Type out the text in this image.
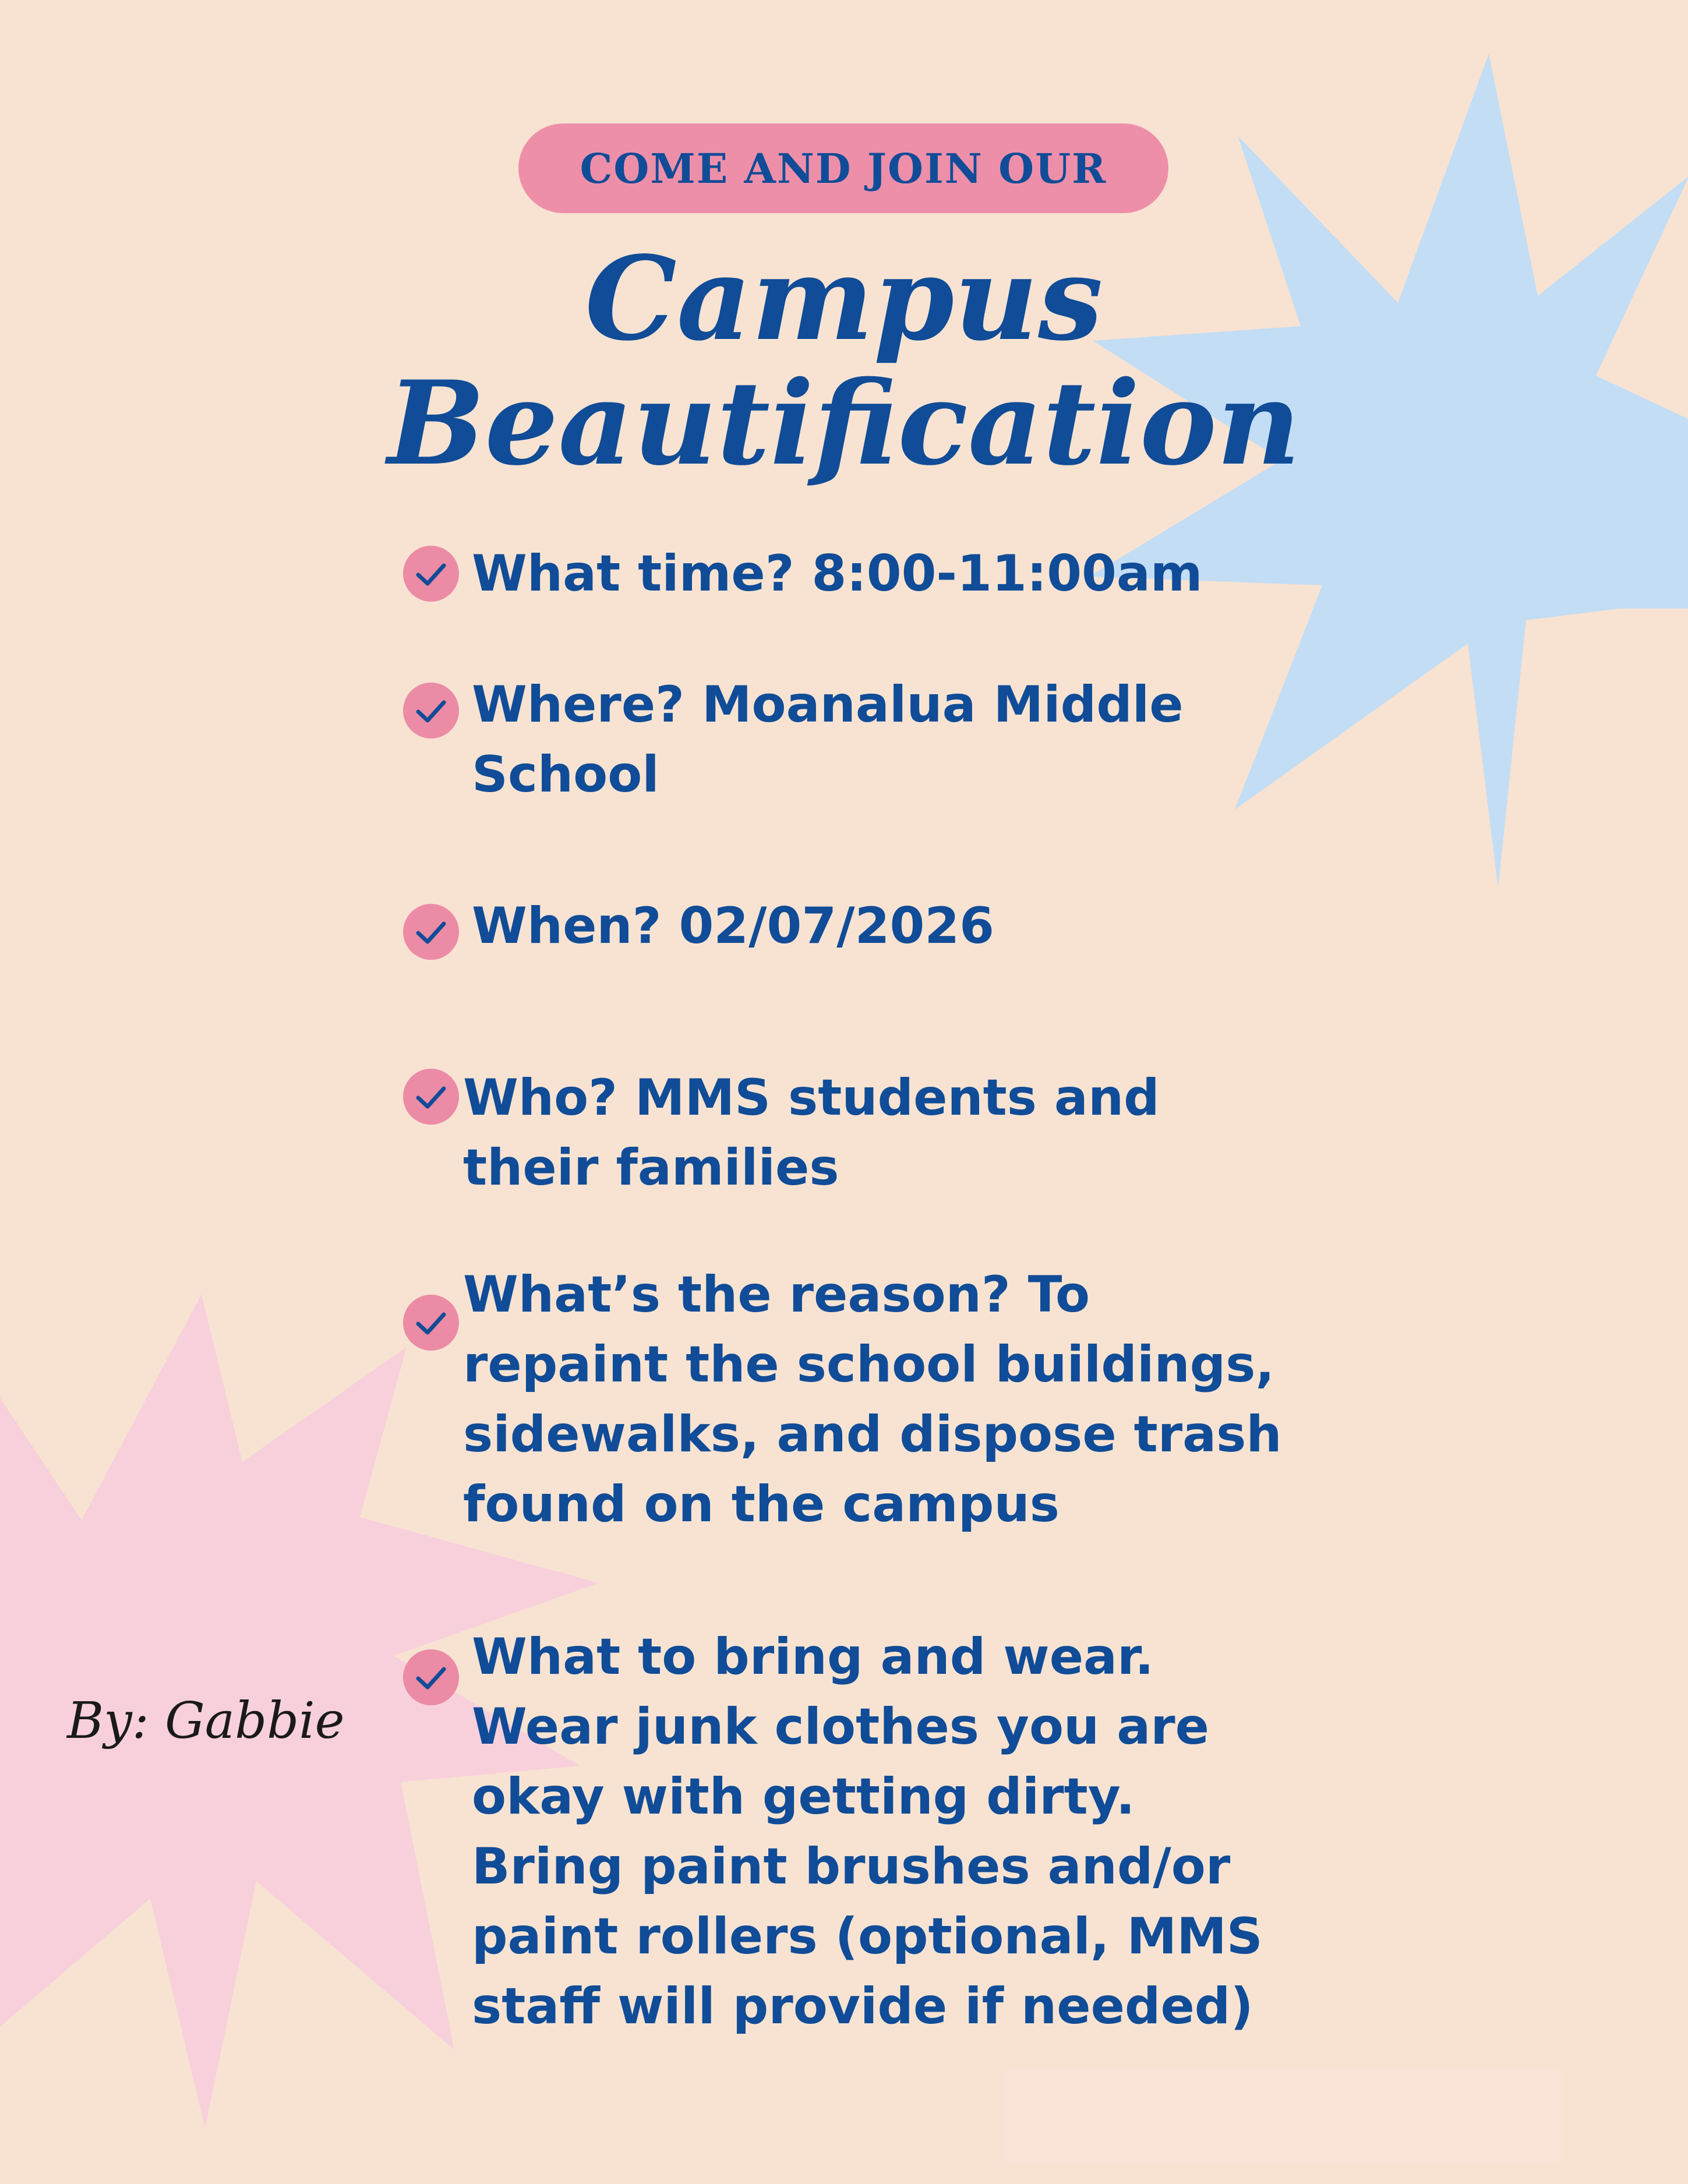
COME AND JOIN OUR
Campus
Beautification
What time? 8:00-11:00am
Where? Moanalua Middle
School
When? 02/07/2026
Who? MMS students and
their families
What’s the reason? To
repaint the school buildings,
sidewalks, and dispose trash
found on the campus
What to bring and wear.
Wear junk clothes you are
okay with getting dirty.
Bring paint brushes and/or
paint rollers (optional, MMS
staff will provide if needed)
By: Gabbie
